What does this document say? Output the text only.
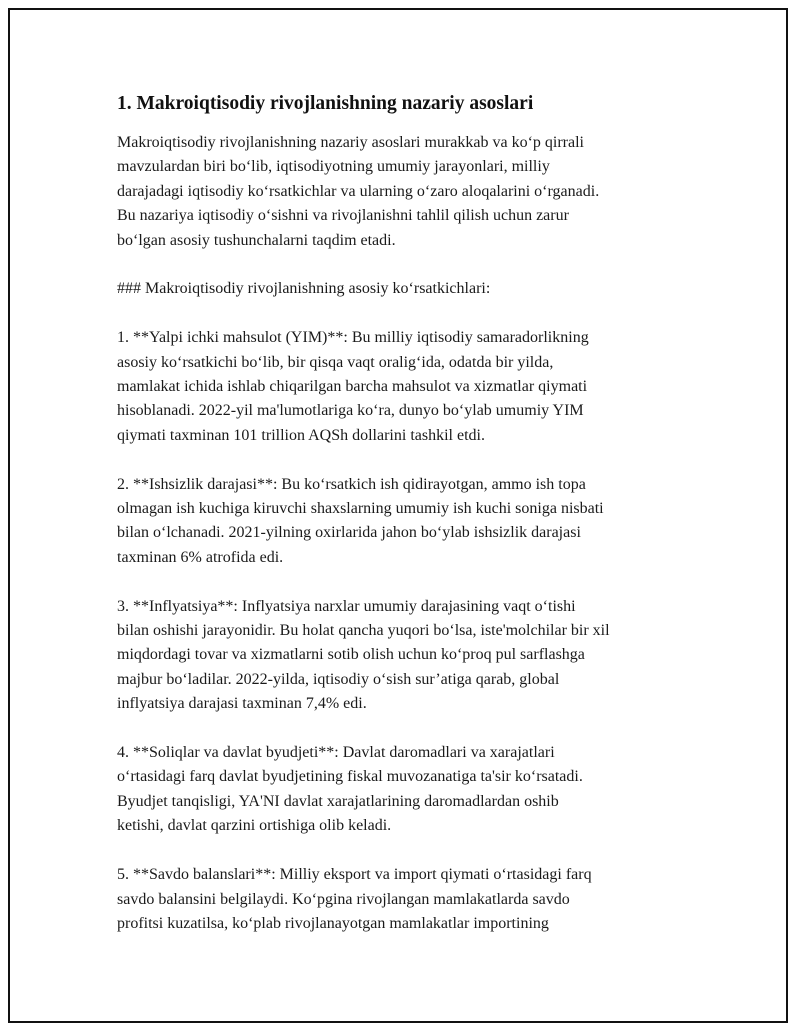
1. Makroiqtisodiy rivojlanishning nazariy asoslari

Makroiqtisodiy rivojlanishning nazariy asoslari murakkab va ko‘p qirrali
mavzulardan biri bo‘lib, iqtisodiyotning umumiy jarayonlari, milliy
darajadagi iqtisodiy ko‘rsatkichlar va ularning o‘zaro aloqalarini o‘rganadi.
Bu nazariya iqtisodiy o‘sishni va rivojlanishni tahlil qilish uchun zarur
bo‘lgan asosiy tushunchalarni taqdim etadi.

### Makroiqtisodiy rivojlanishning asosiy ko‘rsatkichlari:

1. **Yalpi ichki mahsulot (YIM)**: Bu milliy iqtisodiy samaradorlikning
asosiy ko‘rsatkichi bo‘lib, bir qisqa vaqt oralig‘ida, odatda bir yilda,
mamlakat ichida ishlab chiqarilgan barcha mahsulot va xizmatlar qiymati
hisoblanadi. 2022-yil ma'lumotlariga ko‘ra, dunyo bo‘ylab umumiy YIM
qiymati taxminan 101 trillion AQSh dollarini tashkil etdi.

2. **Ishsizlik darajasi**: Bu ko‘rsatkich ish qidirayotgan, ammo ish topa
olmagan ish kuchiga kiruvchi shaxslarning umumiy ish kuchi soniga nisbati
bilan o‘lchanadi. 2021-yilning oxirlarida jahon bo‘ylab ishsizlik darajasi
taxminan 6% atrofida edi.

3. **Inflyatsiya**: Inflyatsiya narxlar umumiy darajasining vaqt o‘tishi
bilan oshishi jarayonidir. Bu holat qancha yuqori bo‘lsa, iste'molchilar bir xil
miqdordagi tovar va xizmatlarni sotib olish uchun ko‘proq pul sarflashga
majbur bo‘ladilar. 2022-yilda, iqtisodiy o‘sish sur’atiga qarab, global
inflyatsiya darajasi taxminan 7,4% edi.

4. **Soliqlar va davlat byudjeti**: Davlat daromadlari va xarajatlari
o‘rtasidagi farq davlat byudjetining fiskal muvozanatiga ta'sir ko‘rsatadi.
Byudjet tanqisligi, YA'NI davlat xarajatlarining daromadlardan oshib
ketishi, davlat qarzini ortishiga olib keladi.

5. **Savdo balanslari**: Milliy eksport va import qiymati o‘rtasidagi farq
savdo balansini belgilaydi. Ko‘pgina rivojlangan mamlakatlarda savdo
profitsi kuzatilsa, ko‘plab rivojlanayotgan mamlakatlar importining
